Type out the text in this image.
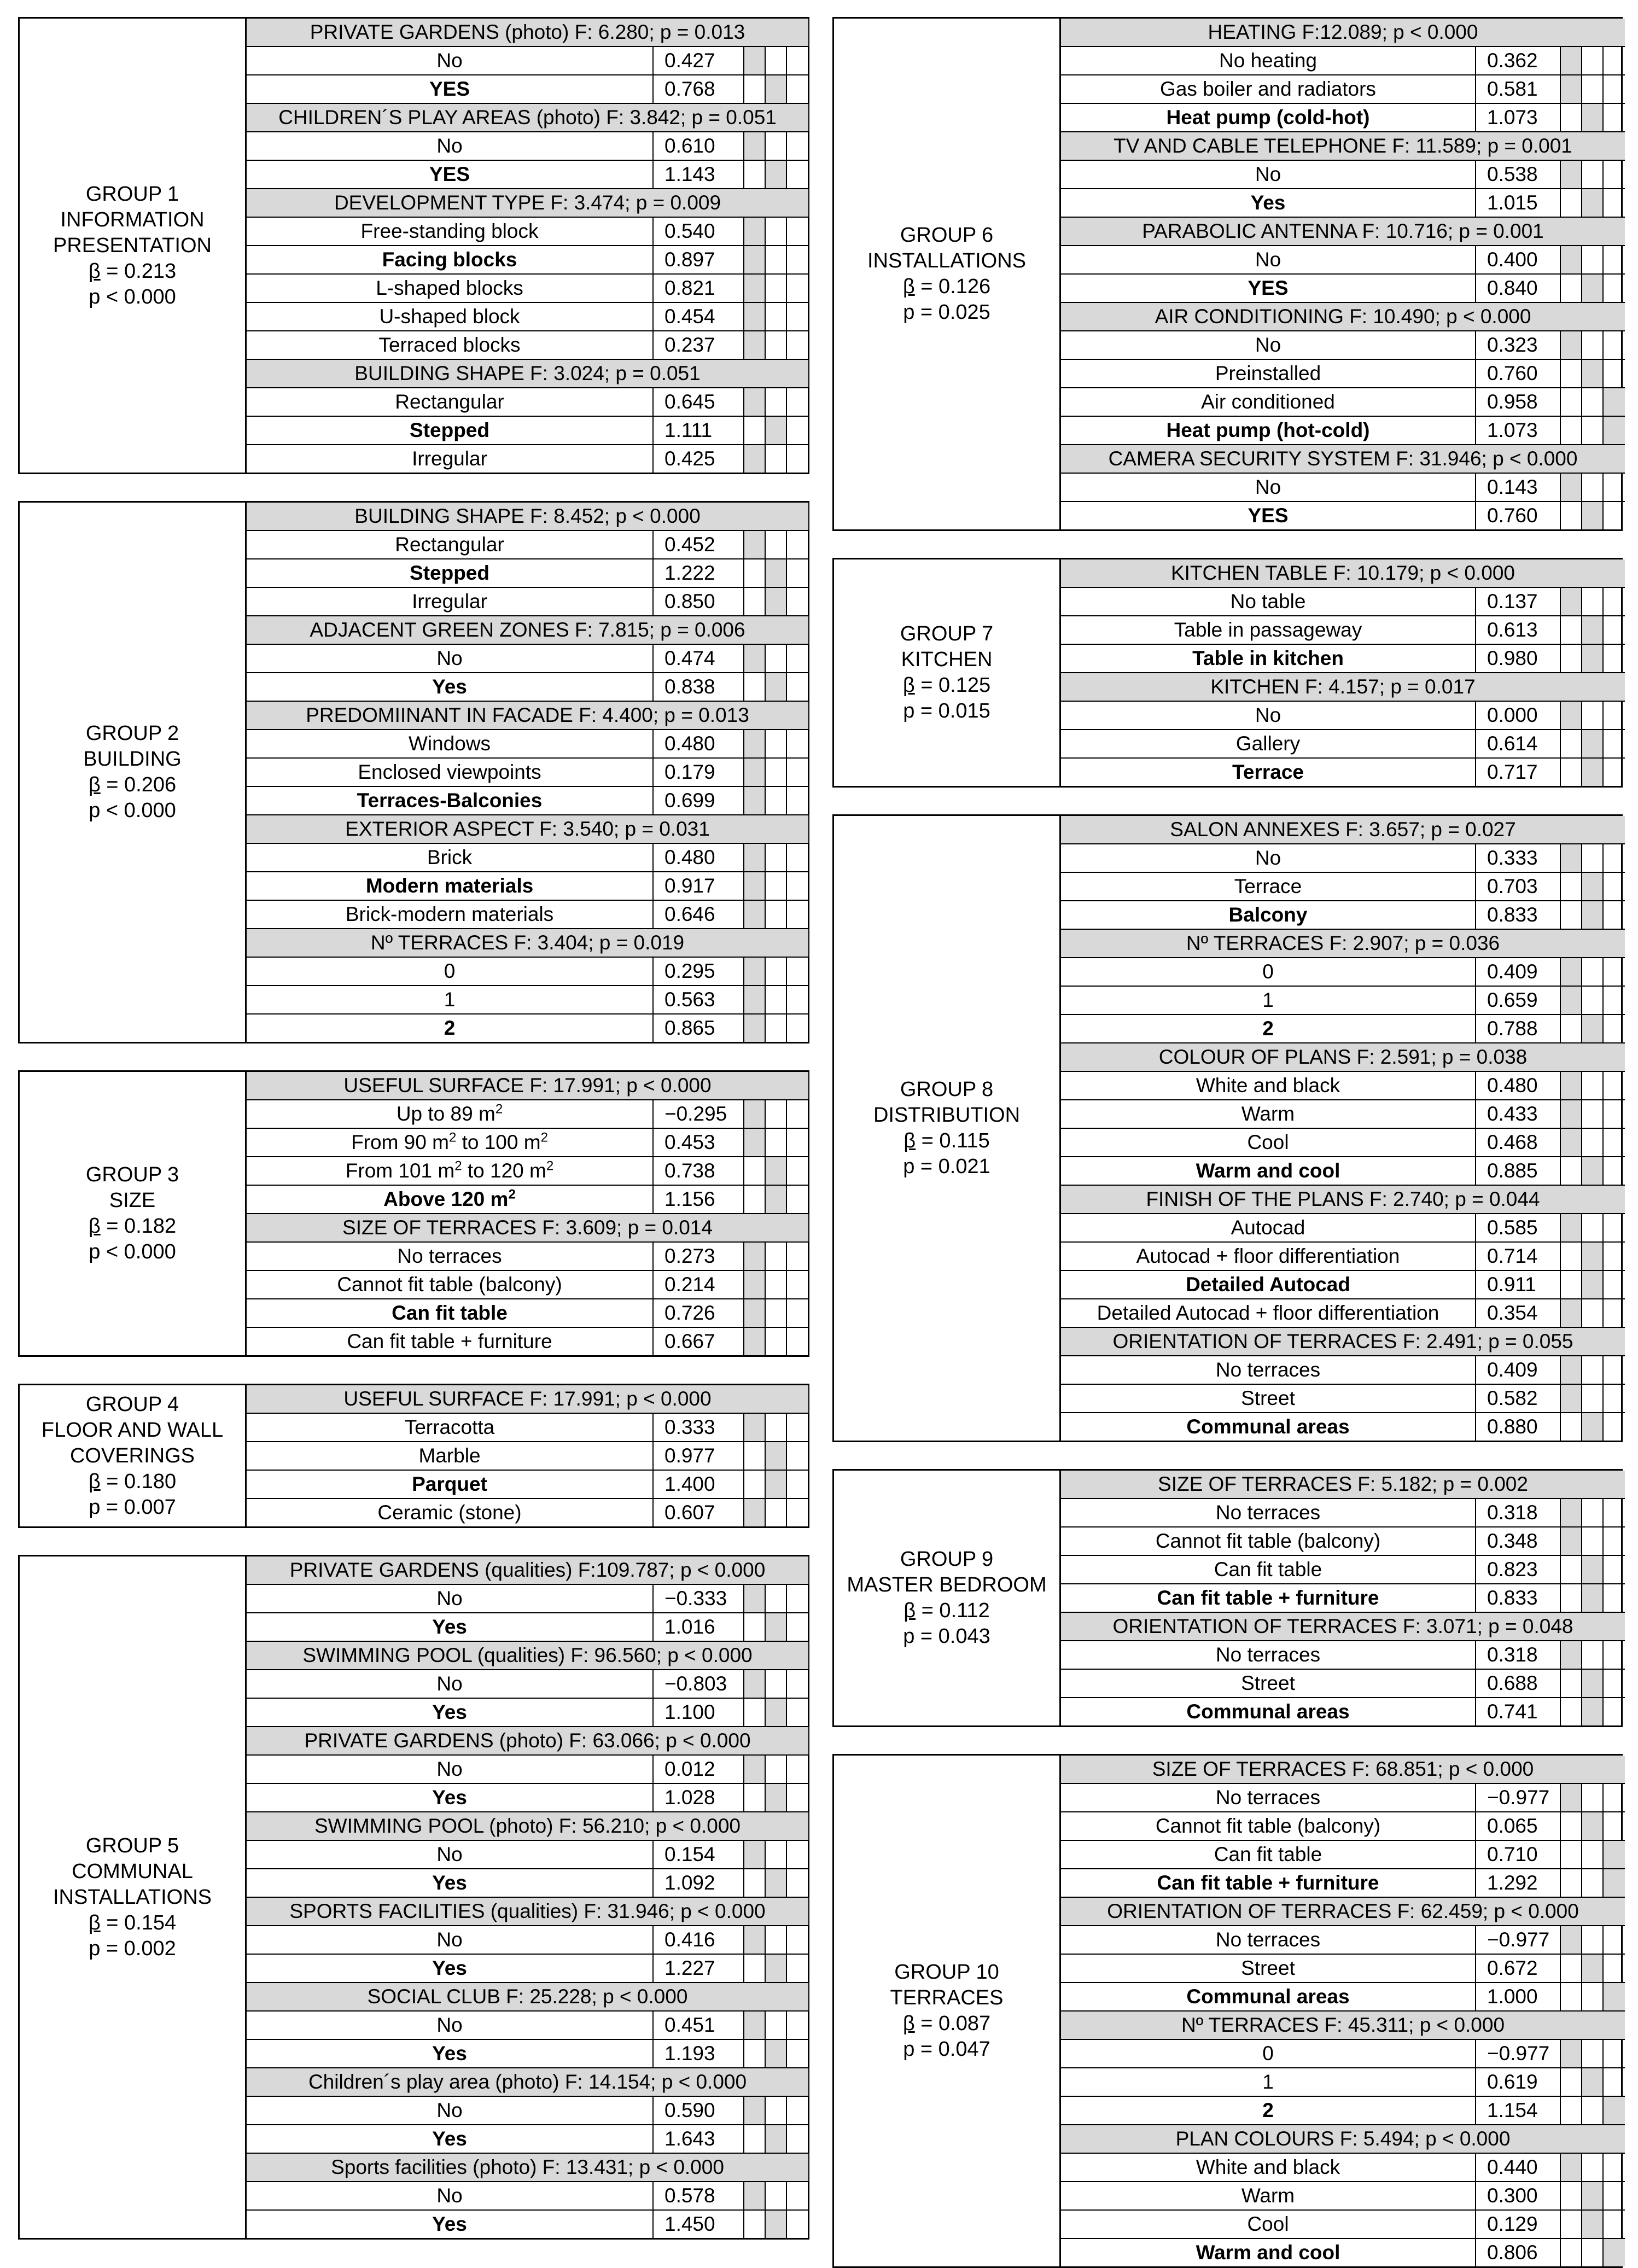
GROUP 1
INFORMATION
PRESENTATION
β = 0.213
p < 0.000
PRIVATE GARDENS (photo) F: 6.280; p = 0.013
No	0.427
YES	0.768
CHILDREN´S PLAY AREAS (photo) F: 3.842; p = 0.051
No	0.610
YES	1.143
DEVELOPMENT TYPE F: 3.474; p = 0.009
Free-standing block	0.540
Facing blocks	0.897
L-shaped blocks	0.821
U-shaped block	0.454
Terraced blocks	0.237
BUILDING SHAPE F: 3.024; p = 0.051
Rectangular	0.645
Stepped	1.111
Irregular	0.425
GROUP 2
BUILDING
β = 0.206
p < 0.000
BUILDING SHAPE F: 8.452; p < 0.000
Rectangular	0.452
Stepped	1.222
Irregular	0.850
ADJACENT GREEN ZONES F: 7.815; p = 0.006
No	0.474
Yes	0.838
PREDOMIINANT IN FACADE F: 4.400; p = 0.013
Windows	0.480
Enclosed viewpoints	0.179
Terraces-Balconies	0.699
EXTERIOR ASPECT F: 3.540; p = 0.031
Brick	0.480
Modern materials	0.917
Brick-modern materials	0.646
Nº TERRACES F: 3.404; p = 0.019
0	0.295
1	0.563
2	0.865
GROUP 3
SIZE
β = 0.182
p < 0.000
USEFUL SURFACE F: 17.991; p < 0.000
Up to 89 $m^2$	−0.295
From 90 $m^2$ to 100 $m^2$	0.453
From 101 $m^2$ to 120 $m^2$	0.738
Above 120 $m^2$	1.156
SIZE OF TERRACES F: 3.609; p = 0.014
No terraces	0.273
Cannot fit table (balcony)	0.214
Can fit table	0.726
Can fit table + furniture	0.667
GROUP 4
FLOOR AND WALL
COVERINGS
β = 0.180
p = 0.007
USEFUL SURFACE F: 17.991; p < 0.000
Terracotta	0.333
Marble	0.977
Parquet	1.400
Ceramic (stone)	0.607
GROUP 5
COMMUNAL
INSTALLATIONS
β = 0.154
p = 0.002
PRIVATE GARDENS (qualities) F:109.787; p < 0.000
No	−0.333
Yes	1.016
SWIMMING POOL (qualities) F: 96.560; p < 0.000
No	−0.803
Yes	1.100
PRIVATE GARDENS (photo) F: 63.066; p < 0.000
No	0.012
Yes	1.028
SWIMMING POOL (photo) F: 56.210; p < 0.000
No	0.154
Yes	1.092
SPORTS FACILITIES (qualities) F: 31.946; p < 0.000
No	0.416
Yes	1.227
SOCIAL CLUB F: 25.228; p < 0.000
No	0.451
Yes	1.193
Children´s play area (photo) F: 14.154; p < 0.000
No	0.590
Yes	1.643
Sports facilities (photo) F: 13.431; p < 0.000
No	0.578
Yes	1.450
GROUP 6
INSTALLATIONS
β = 0.126
p = 0.025
HEATING F:12.089; p < 0.000
No heating	0.362
Gas boiler and radiators	0.581
Heat pump (cold-hot)	1.073
TV AND CABLE TELEPHONE F: 11.589; p = 0.001
No	0.538
Yes	1.015
PARABOLIC ANTENNA F: 10.716; p = 0.001
No	0.400
YES	0.840
AIR CONDITIONING F: 10.490; p < 0.000
No	0.323
Preinstalled	0.760
Air conditioned	0.958
Heat pump (hot-cold)	1.073
CAMERA SECURITY SYSTEM F: 31.946; p < 0.000
No	0.143
YES	0.760
GROUP 7
KITCHEN
β = 0.125
p = 0.015
KITCHEN TABLE F: 10.179; p < 0.000
No table	0.137
Table in passageway	0.613
Table in kitchen	0.980
KITCHEN F: 4.157; p = 0.017
No	0.000
Gallery	0.614
Terrace	0.717
GROUP 8
DISTRIBUTION
β = 0.115
p = 0.021
SALON ANNEXES F: 3.657; p = 0.027
No	0.333
Terrace	0.703
Balcony	0.833
Nº TERRACES F: 2.907; p = 0.036
0	0.409
1	0.659
2	0.788
COLOUR OF PLANS F: 2.591; p = 0.038
White and black	0.480
Warm	0.433
Cool	0.468
Warm and cool	0.885
FINISH OF THE PLANS F: 2.740; p = 0.044
Autocad	0.585
Autocad + floor differentiation	0.714
Detailed Autocad	0.911
Detailed Autocad + floor differentiation	0.354
ORIENTATION OF TERRACES F: 2.491; p = 0.055
No terraces	0.409
Street	0.582
Communal areas	0.880
GROUP 9
MASTER BEDROOM
β = 0.112
p = 0.043
SIZE OF TERRACES F: 5.182; p = 0.002
No terraces	0.318
Cannot fit table (balcony)	0.348
Can fit table	0.823
Can fit table + furniture	0.833
ORIENTATION OF TERRACES F: 3.071; p = 0.048
No terraces	0.318
Street	0.688
Communal areas	0.741
GROUP 10
TERRACES
β = 0.087
p = 0.047
SIZE OF TERRACES F: 68.851; p < 0.000
No terraces	−0.977
Cannot fit table (balcony)	0.065
Can fit table	0.710
Can fit table + furniture	1.292
ORIENTATION OF TERRACES F: 62.459; p < 0.000
No terraces	−0.977
Street	0.672
Communal areas	1.000
Nº TERRACES F: 45.311; p < 0.000
0	−0.977
1	0.619
2	1.154
PLAN COLOURS F: 5.494; p < 0.000
White and black	0.440
Warm	0.300
Cool	0.129
Warm and cool	0.806
